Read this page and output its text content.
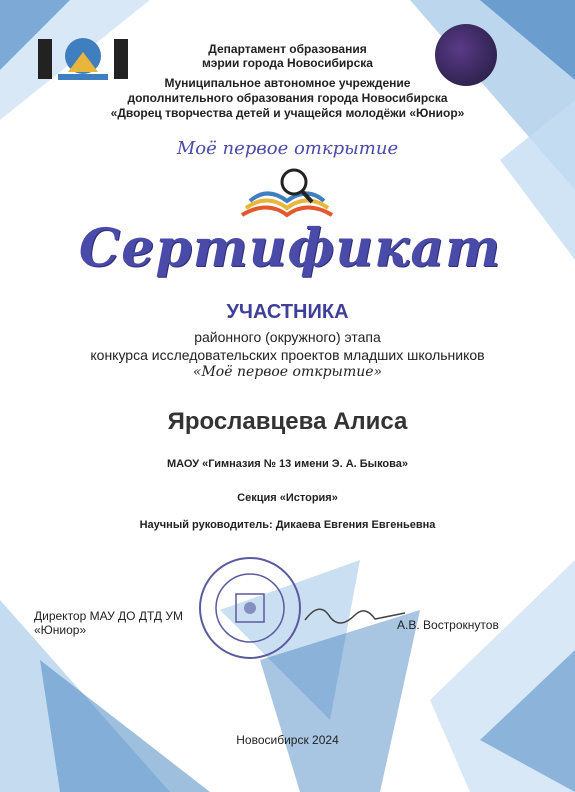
Департамент образования
мэрии города Новосибирска
Муниципальное автономное учреждение
дополнительного образования города Новосибирска
«Дворец творчества детей и учащейся молодёжи «Юниор»
Моё первое открытие
Сертификат
УЧАСТНИКА
районного (окружного) этапа
конкурса исследовательских проектов младших школьников
«Моё первое открытие»
Ярославцева Алиса
МАОУ «Гимназия № 13 имени Э. А. Быкова»
Секция «История»
Научный руководитель: Дикаева Евгения Евгеньевна
Директор МАУ ДО ДТД УМ
«Юниор»	А.В. Вострокнутов
Новосибирск 2024
